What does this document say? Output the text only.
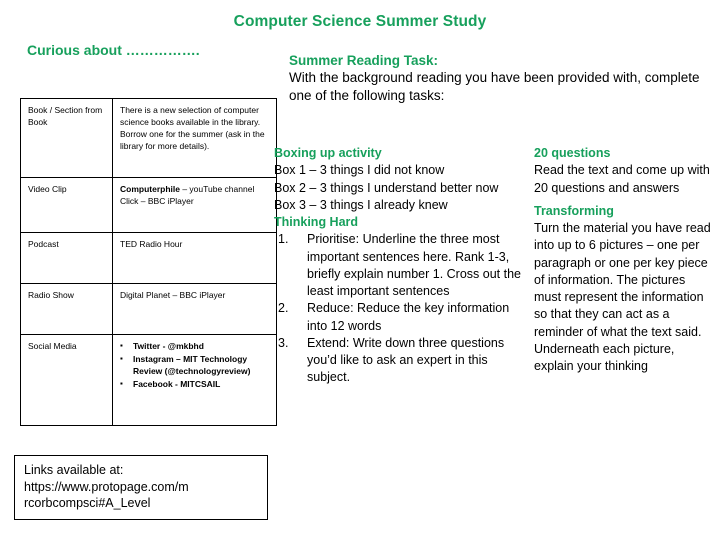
Computer Science Summer Study
Curious about …………….
Book / Section from Book	There is a new selection of computer science books available in the library. Borrow one for the summer (ask in the library for more details).
Video Clip	Computerphile – youTube channel
Click – BBC iPlayer

Podcast	TED Radio Hour
Radio Show	Digital Planet – BBC iPlayer
Social Media	
▪Twitter - @mkbhd
▪ Instagram – MIT Technology Review (@technologyreview)
▪ Facebook - MITCSAIL
Links available at:
https://www.protopage.com/m
rcorbcompsci#A_Level
Summer Reading Task:
With the background reading you have been provided with, complete one of the following tasks:
Boxing up activity
Box 1 – 3 things I did not know
Box 2 – 3 things I understand better now
Box 3 – 3 things I already knew
Thinking Hard
1. Prioritise: Underline the three most important sentences here. Rank 1-3, briefly explain number 1. Cross out the least important sentences
2. Reduce: Reduce the key information into 12 words
3. Extend: Write down three questions you’d like to ask an expert in this subject.
20 questions
Read the text and come up with 20 questions and answers
Transforming
Turn the material you have read into up to 6 pictures – one per paragraph or one per key piece of information. The pictures must represent the information so that they can act as a reminder of what the text said. Underneath each picture, explain your thinking
